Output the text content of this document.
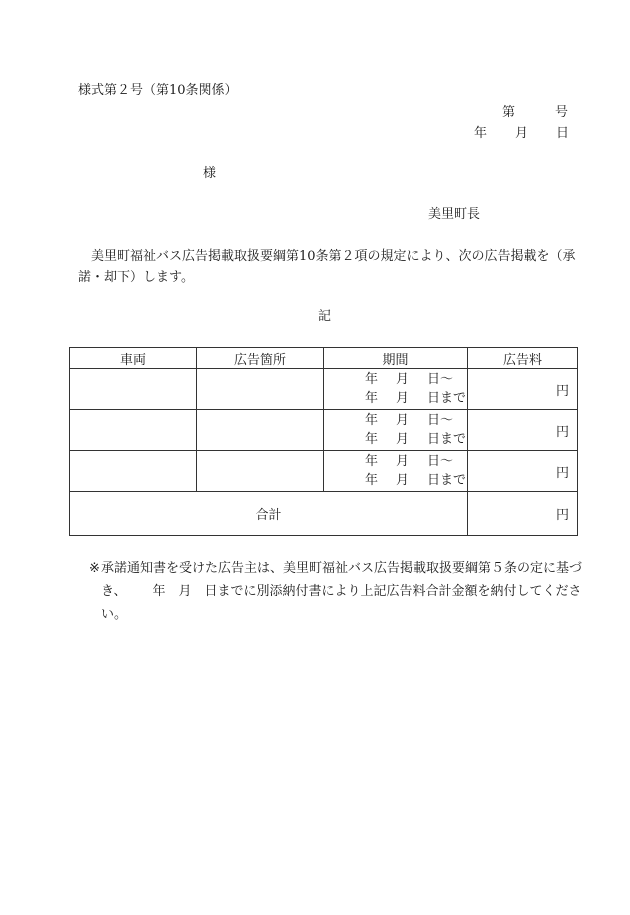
様式第２号（第10条関係）
第	号
年 月 日
様
美里町長
美里町福祉バス広告掲載取扱要綱第10条第２項の規定により、次の広告掲載を（承諾・却下）します。
記
車両	広告箇所	期間	広告料

		年 月 日〜
年 月 日まで	円

		年 月 日〜
年 月 日まで	円

		年 月 日〜
年 月 日まで	円
合計			円
※ 承諾通知書を受けた広告主は、美里町福祉バス広告掲載取扱要綱第５条の定に基づき、 年 月 日までに別添納付書により上記広告料合計金額を納付してください。
